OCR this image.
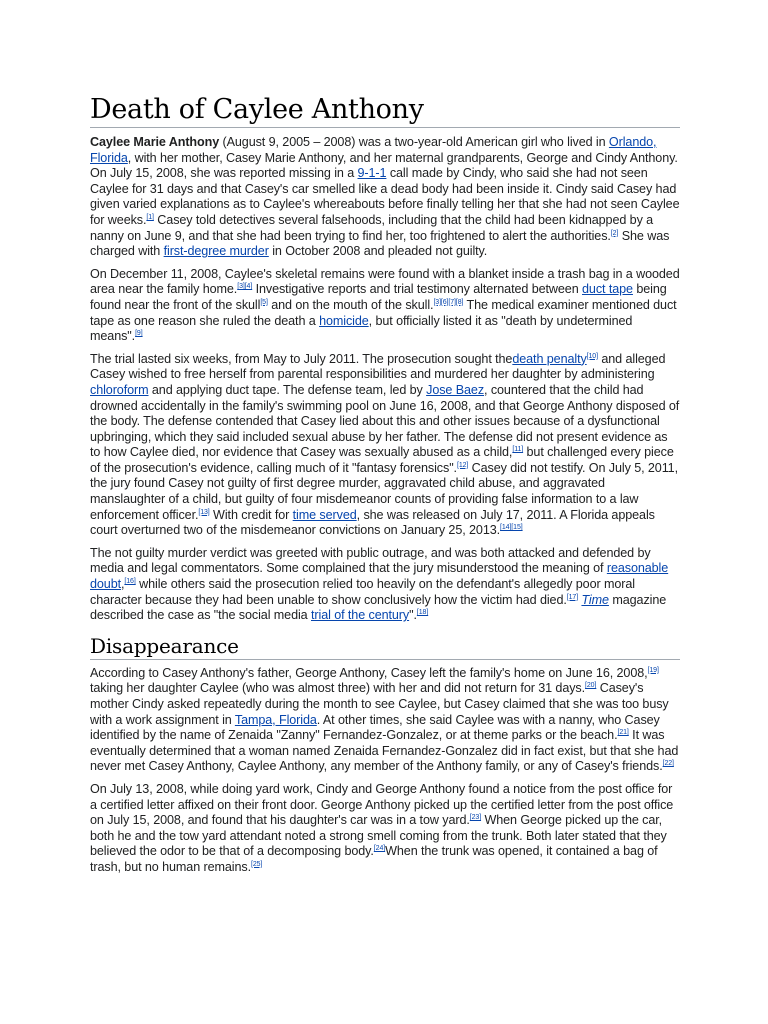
Death of Caylee Anthony

Caylee Marie Anthony (August 9, 2005 – 2008) was a two-year-old American girl who lived in Orlando, Florida, with her mother, Casey Marie Anthony, and her maternal grandparents, George and Cindy Anthony. On July 15, 2008, she was reported missing in a 9-1-1 call made by Cindy, who said she had not seen Caylee for 31 days and that Casey's car smelled like a dead body had been inside it. Cindy said Casey had given varied explanations as to Caylee's whereabouts before finally telling her that she had not seen Caylee for weeks.[1] Casey told detectives several falsehoods, including that the child had been kidnapped by a nanny on June 9, and that she had been trying to find her, too frightened to alert the authorities.[2] She was charged with first-degree murder in October 2008 and pleaded not guilty.

On December 11, 2008, Caylee's skeletal remains were found with a blanket inside a trash bag in a wooded area near the family home.[3][4] Investigative reports and trial testimony alternated between duct tape being found near the front of the skull[5] and on the mouth of the skull.[3][6][7][8] The medical examiner mentioned duct tape as one reason she ruled the death a homicide, but officially listed it as "death by undetermined means".[9]

The trial lasted six weeks, from May to July 2011. The prosecution sought thedeath penalty[10] and alleged Casey wished to free herself from parental responsibilities and murdered her daughter by administering chloroform and applying duct tape. The defense team, led by Jose Baez, countered that the child had drowned accidentally in the family's swimming pool on June 16, 2008, and that George Anthony disposed of the body. The defense contended that Casey lied about this and other issues because of a dysfunctional upbringing, which they said included sexual abuse by her father. The defense did not present evidence as to how Caylee died, nor evidence that Casey was sexually abused as a child,[11] but challenged every piece of the prosecution's evidence, calling much of it "fantasy forensics".[12] Casey did not testify. On July 5, 2011, the jury found Casey not guilty of first degree murder, aggravated child abuse, and aggravated manslaughter of a child, but guilty of four misdemeanor counts of providing false information to a law enforcement officer.[13] With credit for time served, she was released on July 17, 2011. A Florida appeals court overturned two of the misdemeanor convictions on January 25, 2013.[14][15]

The not guilty murder verdict was greeted with public outrage, and was both attacked and defended by media and legal commentators. Some complained that the jury misunderstood the meaning of reasonable doubt,[16] while others said the prosecution relied too heavily on the defendant's allegedly poor moral character because they had been unable to show conclusively how the victim had died.[17] Time magazine described the case as "the social media trial of the century".[18]

Disappearance

According to Casey Anthony's father, George Anthony, Casey left the family's home on June 16, 2008,[19] taking her daughter Caylee (who was almost three) with her and did not return for 31 days.[20] Casey's mother Cindy asked repeatedly during the month to see Caylee, but Casey claimed that she was too busy with a work assignment in Tampa, Florida. At other times, she said Caylee was with a nanny, who Casey identified by the name of Zenaida "Zanny" Fernandez-Gonzalez, or at theme parks or the beach.[21] It was eventually determined that a woman named Zenaida Fernandez-Gonzalez did in fact exist, but that she had never met Casey Anthony, Caylee Anthony, any member of the Anthony family, or any of Casey's friends.[22]

On July 13, 2008, while doing yard work, Cindy and George Anthony found a notice from the post office for a certified letter affixed on their front door. George Anthony picked up the certified letter from the post office on July 15, 2008, and found that his daughter's car was in a tow yard.[23] When George picked up the car, both he and the tow yard attendant noted a strong smell coming from the trunk. Both later stated that they believed the odor to be that of a decomposing body.[24]When the trunk was opened, it contained a bag of trash, but no human remains.[25]
